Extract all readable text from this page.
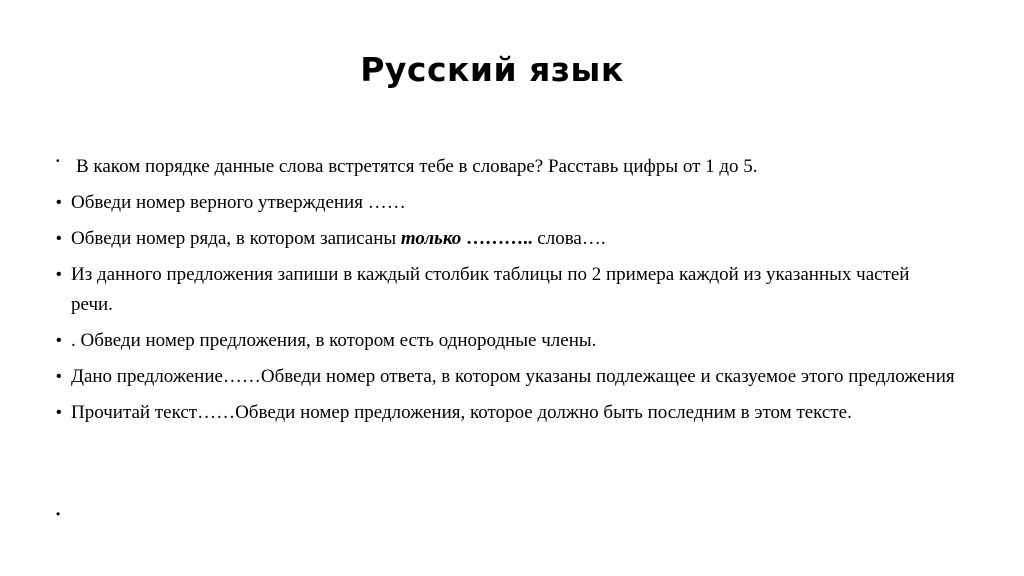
Русский язык
• В каком порядке данные слова встретятся тебе в словаре? Расставь цифры от 1 до 5.
• Обведи номер верного утверждения ……
• Обведи номер ряда, в котором записаны только ……….. слова….
• Из данного предложения запиши в каждый столбик таблицы по 2 примера каждой из указанных частей речи.
• . Обведи номер предложения, в котором есть однородные члены.
• Дано предложение……Обведи номер ответа, в котором указаны подлежащее и сказуемое этого предложения
• Прочитай текст……Обведи номер предложения, которое должно быть последним в этом тексте.
•
